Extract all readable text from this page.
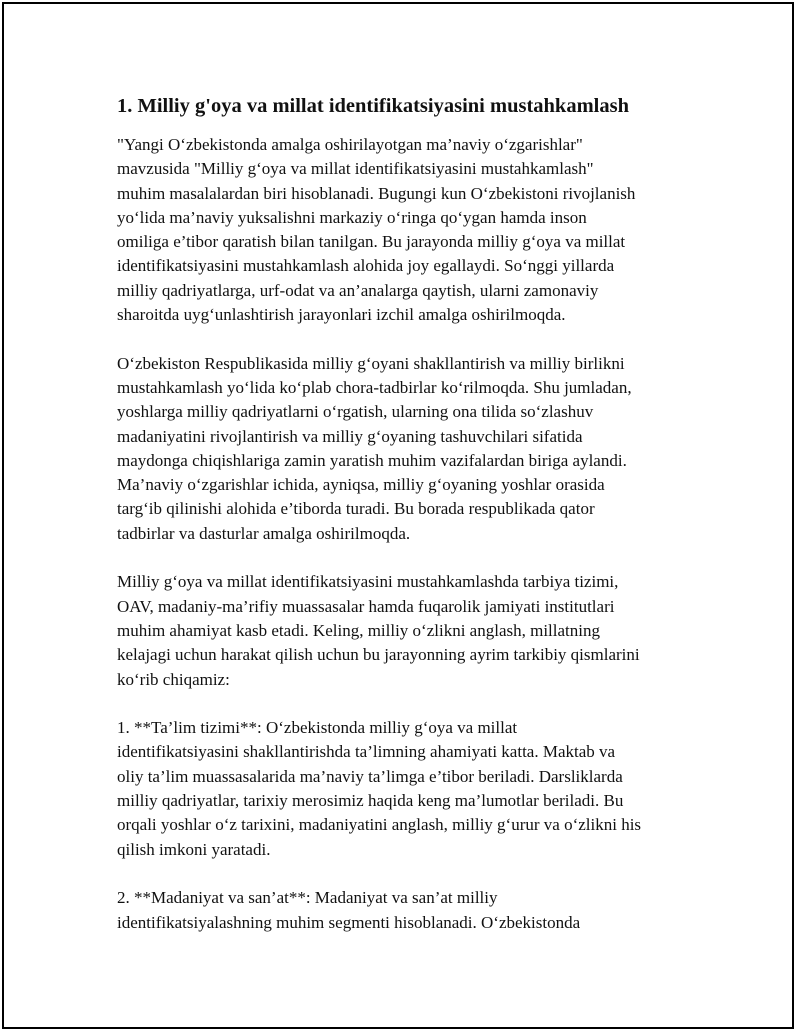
1. Milliy g'oya va millat identifikatsiyasini mustahkamlash
"Yangi O‘zbekistonda amalga oshirilayotgan ma’naviy o‘zgarishlar"
mavzusida "Milliy g‘oya va millat identifikatsiyasini mustahkamlash"
muhim masalalardan biri hisoblanadi. Bugungi kun O‘zbekistoni rivojlanish
yo‘lida ma’naviy yuksalishni markaziy o‘ringa qo‘ygan hamda inson
omiliga e’tibor qaratish bilan tanilgan. Bu jarayonda milliy g‘oya va millat
identifikatsiyasini mustahkamlash alohida joy egallaydi. So‘nggi yillarda
milliy qadriyatlarga, urf-odat va an’analarga qaytish, ularni zamonaviy
sharoitda uyg‘unlashtirish jarayonlari izchil amalga oshirilmoqda.
O‘zbekiston Respublikasida milliy g‘oyani shakllantirish va milliy birlikni
mustahkamlash yo‘lida ko‘plab chora-tadbirlar ko‘rilmoqda. Shu jumladan,
yoshlarga milliy qadriyatlarni o‘rgatish, ularning ona tilida so‘zlashuv
madaniyatini rivojlantirish va milliy g‘oyaning tashuvchilari sifatida
maydonga chiqishlariga zamin yaratish muhim vazifalardan biriga aylandi.
Ma’naviy o‘zgarishlar ichida, ayniqsa, milliy g‘oyaning yoshlar orasida
targ‘ib qilinishi alohida e’tiborda turadi. Bu borada respublikada qator
tadbirlar va dasturlar amalga oshirilmoqda.
Milliy g‘oya va millat identifikatsiyasini mustahkamlashda tarbiya tizimi,
OAV, madaniy-ma’rifiy muassasalar hamda fuqarolik jamiyati institutlari
muhim ahamiyat kasb etadi. Keling, milliy o‘zlikni anglash, millatning
kelajagi uchun harakat qilish uchun bu jarayonning ayrim tarkibiy qismlarini
ko‘rib chiqamiz:
1. **Ta’lim tizimi**: O‘zbekistonda milliy g‘oya va millat
identifikatsiyasini shakllantirishda ta’limning ahamiyati katta. Maktab va
oliy ta’lim muassasalarida ma’naviy ta’limga e’tibor beriladi. Darsliklarda
milliy qadriyatlar, tarixiy merosimiz haqida keng ma’lumotlar beriladi. Bu
orqali yoshlar o‘z tarixini, madaniyatini anglash, milliy g‘urur va o‘zlikni his
qilish imkoni yaratadi.
2. **Madaniyat va san’at**: Madaniyat va san’at milliy
identifikatsiyalashning muhim segmenti hisoblanadi. O‘zbekistonda
